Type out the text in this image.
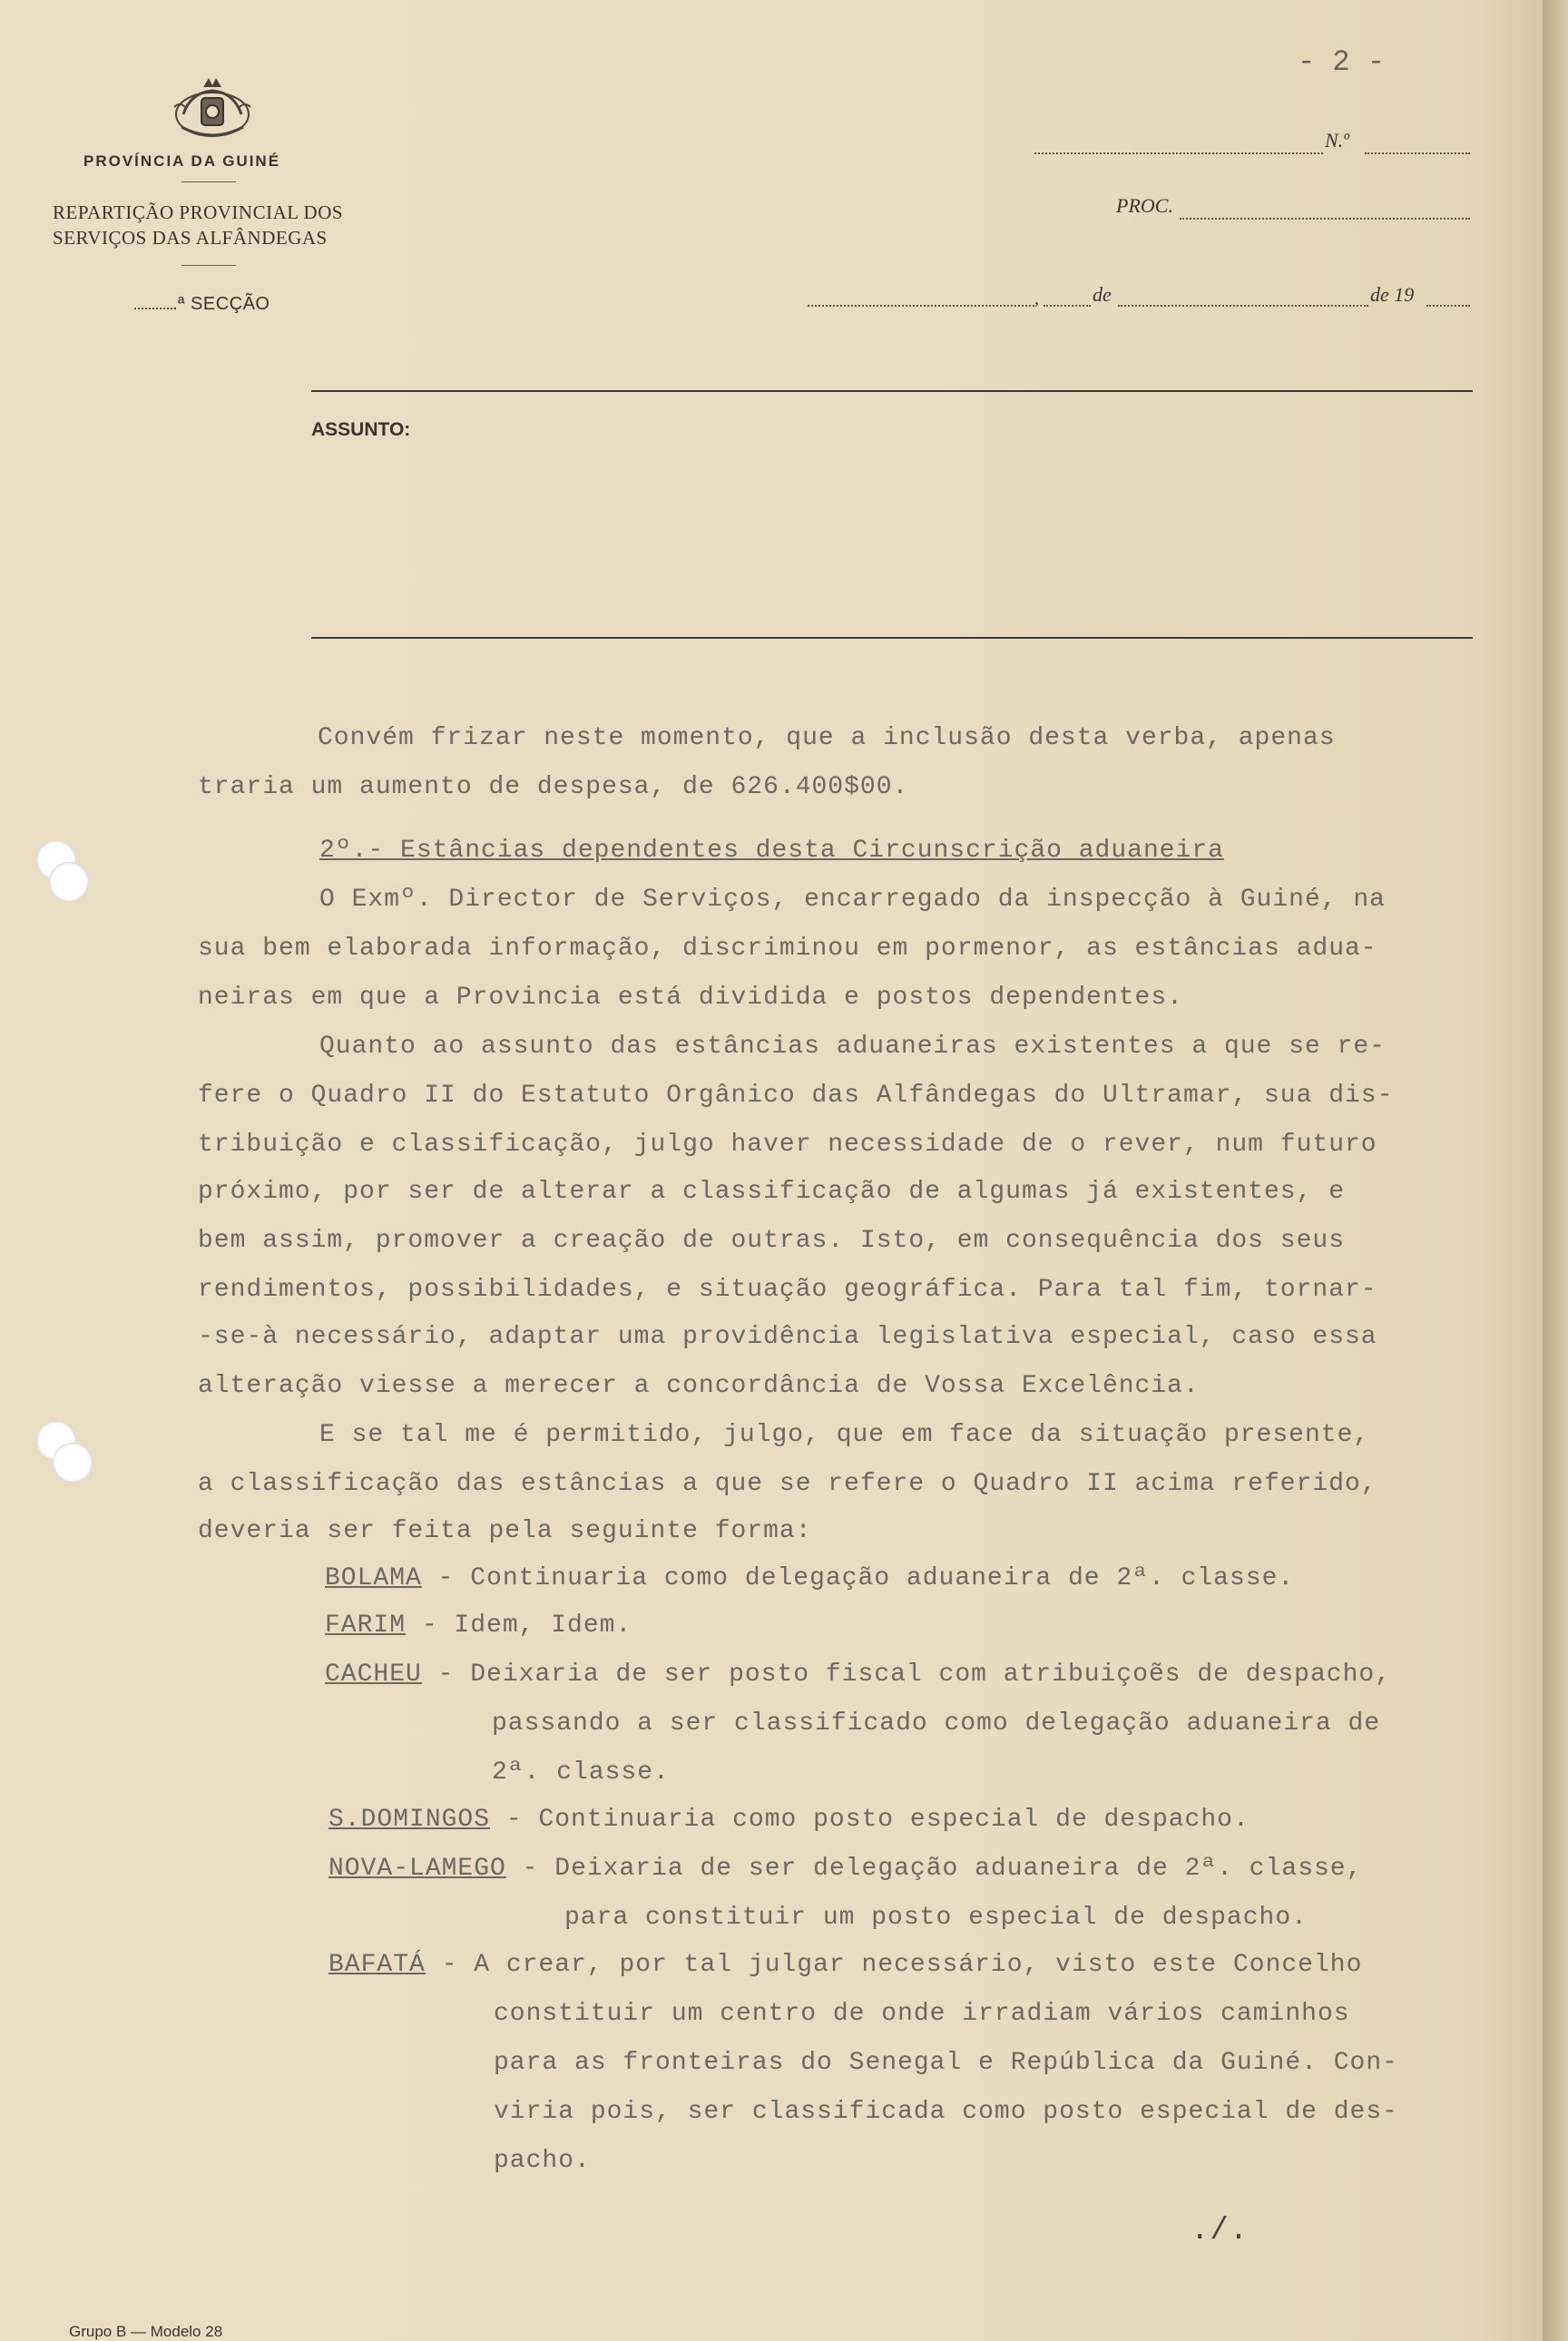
PROVÍNCIA DA GUINÉ
REPARTIÇÃO PROVINCIAL DOS
SERVIÇOS DAS ALFÂNDEGAS
.ª SECÇÃO
- 2 -
N.º
PROC.
,	de	de 19
ASSUNTO:
Convém frizar neste momento, que a inclusão desta verba, apenas
traria um aumento de despesa, de 626.400$00.
2º.- Estâncias dependentes desta Circunscrição aduaneira
O Exmº. Director de Serviços, encarregado da inspecção à Guiné, na
sua bem elaborada informação, discriminou em pormenor, as estâncias adua-
neiras em que a Provincia está dividida e postos dependentes.
Quanto ao assunto das estâncias aduaneiras existentes a que se re-
fere o Quadro II do Estatuto Orgânico das Alfândegas do Ultramar, sua dis-
tribuição e classificação, julgo haver necessidade de o rever, num futuro
próximo, por ser de alterar a classificação de algumas já existentes, e
bem assim, promover a creação de outras. Isto, em consequência dos seus
rendimentos, possibilidades, e situação geográfica. Para tal fim, tornar-
-se-à necessário, adaptar uma providência legislativa especial, caso essa
alteração viesse a merecer a concordância de Vossa Excelência.
E se tal me é permitido, julgo, que em face da situação presente,
a classificação das estâncias a que se refere o Quadro II acima referido,
deveria ser feita pela seguinte forma:
BOLAMA - Continuaria como delegação aduaneira de 2ª. classe.
FARIM - Idem, Idem.
CACHEU - Deixaria de ser posto fiscal com atribuiçoẽs de despacho,
passando a ser classificado como delegação aduaneira de
2ª. classe.
S.DOMINGOS - Continuaria como posto especial de despacho.
NOVA-LAMEGO - Deixaria de ser delegação aduaneira de 2ª. classe,
para constituir um posto especial de despacho.
BAFATÁ - A crear, por tal julgar necessário, visto este Concelho
constituir um centro de onde irradiam vários caminhos
para as fronteiras do Senegal e República da Guiné. Con-
viria pois, ser classificada como posto especial de des-
pacho.
./.
Grupo B — Modelo 28
